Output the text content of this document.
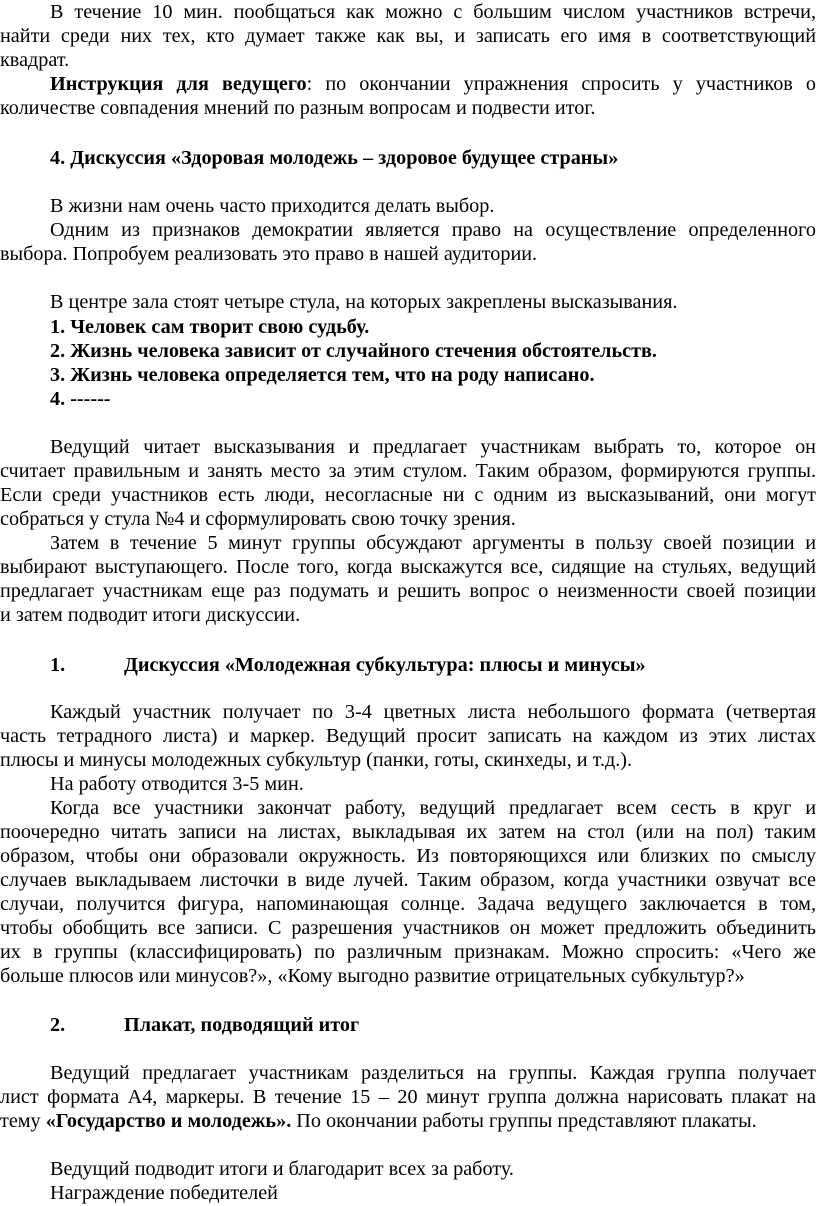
В течение 10 мин. пообщаться как можно с большим числом участников встречи,
найти среди них тех, кто думает также как вы, и записать его имя в соответствующий
квадрат.
Инструкция для ведущего: по окончании упражнения спросить у участников о
количестве совпадения мнений по разным вопросам и подвести итог.
4. Дискуссия «Здоровая молодежь – здоровое будущее страны»
В жизни нам очень часто приходится делать выбор.
Одним из признаков демократии является право на осуществление определенного
выбора. Попробуем реализовать это право в нашей аудитории.
В центре зала стоят четыре стула, на которых закреплены высказывания.
1. Человек сам творит свою судьбу.
2. Жизнь человека зависит от случайного стечения обстоятельств.
3. Жизнь человека определяется тем, что на роду написано.
4. ------
Ведущий читает высказывания и предлагает участникам выбрать то, которое он
считает правильным и занять место за этим стулом. Таким образом, формируются группы.
Если среди участников есть люди, несогласные ни с одним из высказываний, они могут
собраться у стула №4 и сформулировать свою точку зрения.
Затем в течение 5 минут группы обсуждают аргументы в пользу своей позиции и
выбирают выступающего. После того, когда выскажутся все, сидящие на стульях, ведущий
предлагает участникам еще раз подумать и решить вопрос о неизменности своей позиции
и затем подводит итоги дискуссии.
1.	Дискуссия «Молодежная субкультура: плюсы и минусы»
Каждый участник получает по 3-4 цветных листа небольшого формата (четвертая
часть тетрадного листа) и маркер. Ведущий просит записать на каждом из этих листах
плюсы и минусы молодежных субкультур (панки, готы, скинхеды, и т.д.).
На работу отводится 3-5 мин.
Когда все участники закончат работу, ведущий предлагает всем сесть в круг и
поочередно читать записи на листах, выкладывая их затем на стол (или на пол) таким
образом, чтобы они образовали окружность. Из повторяющихся или близких по смыслу
случаев выкладываем листочки в виде лучей. Таким образом, когда участники озвучат все
случаи, получится фигура, напоминающая солнце. Задача ведущего заключается в том,
чтобы обобщить все записи. С разрешения участников он может предложить объединить
их в группы (классифицировать) по различным признакам. Можно спросить: «Чего же
больше плюсов или минусов?», «Кому выгодно развитие отрицательных субкультур?»
2.	Плакат, подводящий итог
Ведущий предлагает участникам разделиться на группы. Каждая группа получает
лист формата А4, маркеры. В течение 15 – 20 минут группа должна нарисовать плакат на
тему «Государство и молодежь». По окончании работы группы представляют плакаты.
Ведущий подводит итоги и благодарит всех за работу.
Награждение победителей
